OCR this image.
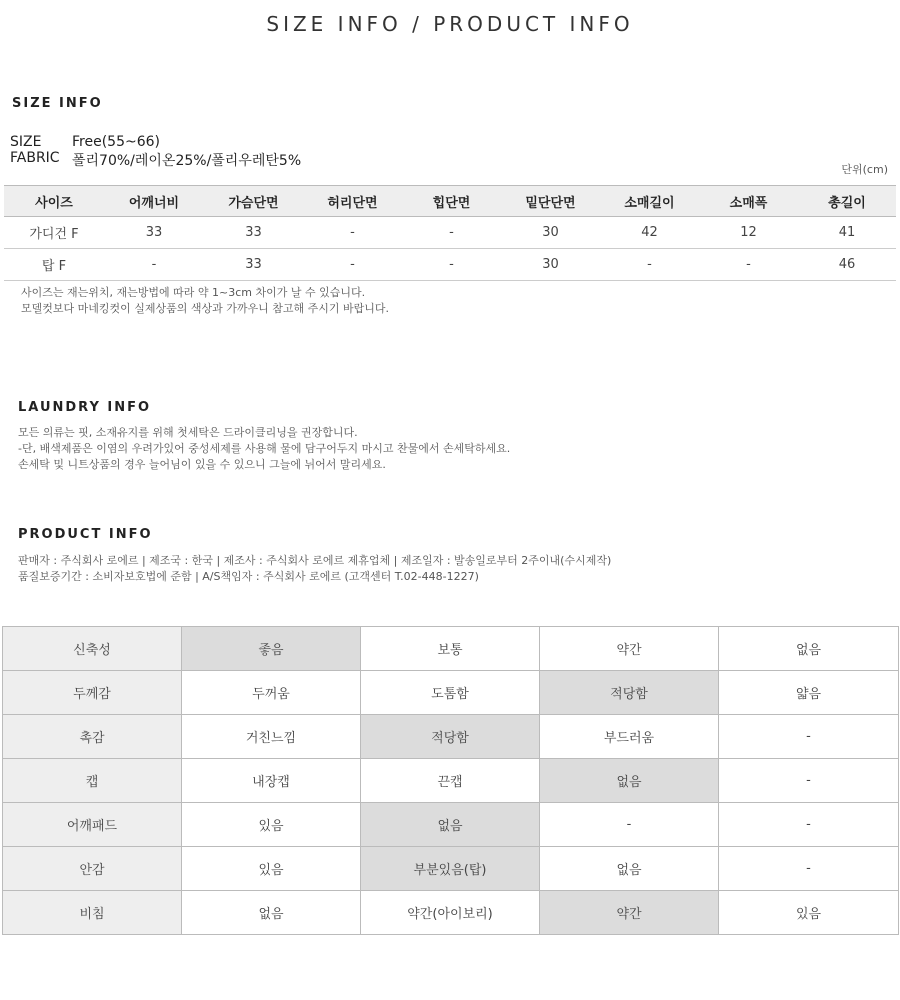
SIZE INFO / PRODUCT INFO
SIZE INFO
SIZE Free(55~66)
FABRIC 폴리70%/레이온25%/폴리우레탄5%
단위(cm)
사이즈	어깨너비	가슴단면	허리단면	힙단면	밑단단면	소매길이	소매폭	총길이
가디건 F	33	33	-	-	30	42	12	41
탑 F	-	33	-	-	30	-	-	46
사이즈는 재는위치, 재는방법에 따라 약 1~3cm 차이가 날 수 있습니다.
모델컷보다 마네킹컷이 실제상품의 색상과 가까우니 참고해 주시기 바랍니다.
LAUNDRY INFO
모든 의류는 핏, 소재유지를 위해 첫세탁은 드라이클리닝을 권장합니다.
-단, 배색제품은 이염의 우려가있어 중성세제를 사용해 물에 담구어두지 마시고 찬물에서 손세탁하세요.
손세탁 및 니트상품의 경우 늘어님이 있을 수 있으니 그늘에 뉘어서 말리세요.
PRODUCT INFO
판매자 : 주식회사 로에르 | 제조국 : 한국 | 제조사 : 주식회사 로에르 제휴업체 | 제조일자 : 발송일로부터 2주이내(수시제작)
품질보증기간 : 소비자보호법에 준함 | A/S책임자 : 주식회사 로에르 (고객센터 T.02-448-1227)
신축성	좋음	보통	약간	없음
두께감	두꺼움	도톰함	적당함	얇음
촉감	거친느낌	적당함	부드러움	-
캡	내장캡	끈캡	없음	-
어깨패드	있음	없음	-	-
안감	있음	부분있음(탑)	없음	-
비침	없음	약간(아이보리)	약간	있음
